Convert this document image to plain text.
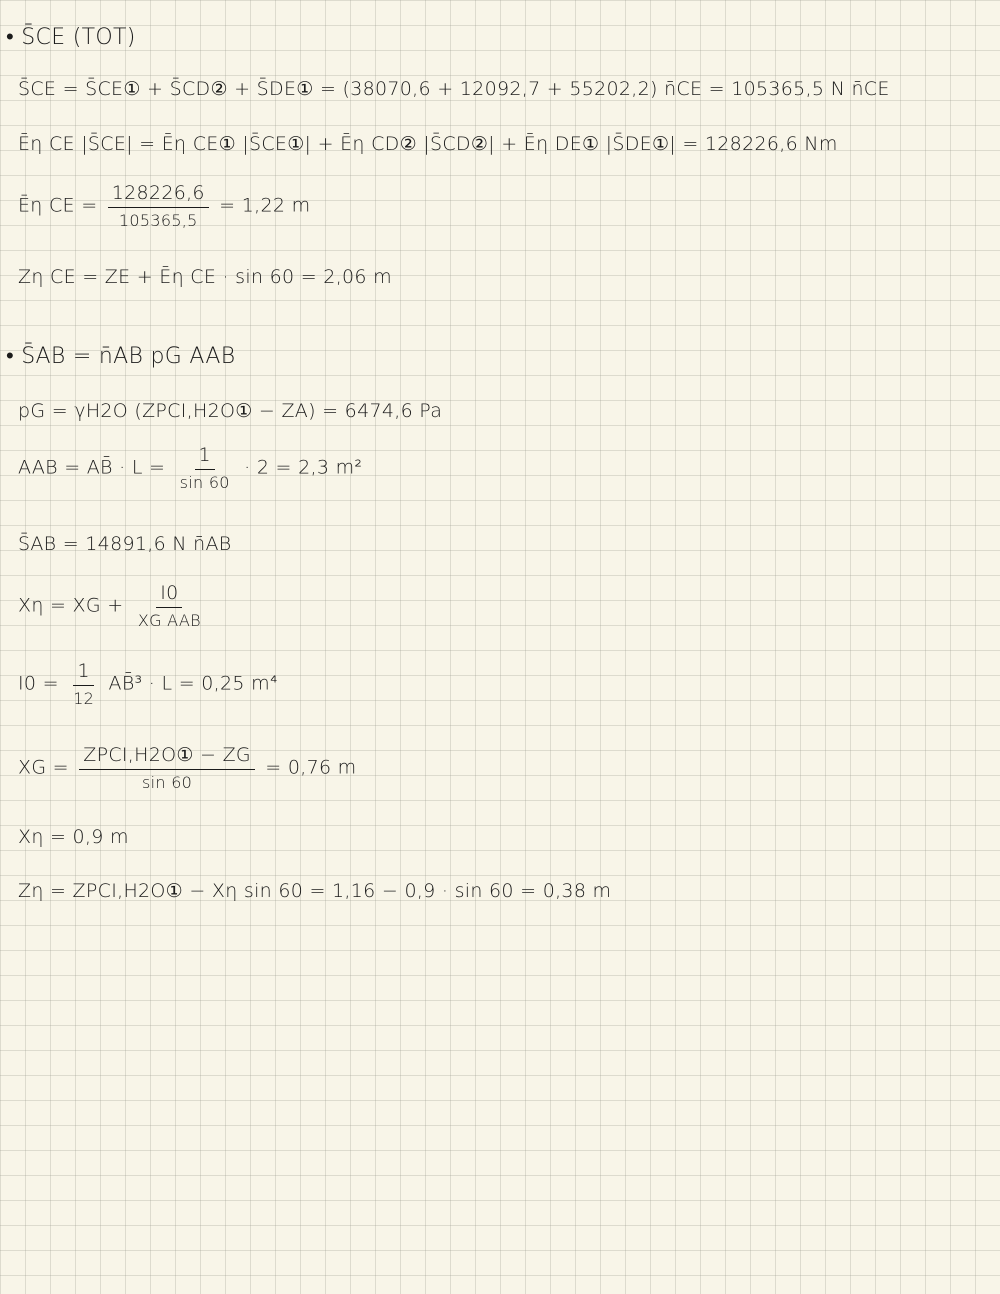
• S̄CE (TOT)
S̄CE = S̄CE① + S̄CD② + S̄DE① = (38070,6 + 12092,7 + 55202,2) n̄CE = 105365,5 N n̄CE
Ēη CE |S̄CE| = Ēη CE① |S̄CE①| + Ēη CD② |S̄CD②| + Ēη DE① |S̄DE①| = 128226,6 Nm
Ēη CE = $\frac{128226,6}{105365,5} = 1,22$ m
Zη CE = ZE + Ēη CE · sin 60 = 2,06 m
• S̄AB = n̄AB pG AAB
pG = γH2O (ZPCI,H2O① − ZA) = 6474,6 Pa
AAB = AB̄ · $L = \frac{1}{\sin 60} \cdot 2 = 2,3$ m²
S̄AB = 14891,6 N n̄AB
Xη = XG + $\frac{I0}{\text{XG AAB}}$
$I0 = \frac{1}{12}$ AB̄³ · L = 0,25 m⁴
XG = $\frac{\text{ZPCI,H2O① − ZG}}{\sin 60} = 0,76$ m
Xη = 0,9 m
Zη = ZPCI,H2O① − Xη sin 60 = 1,16 − 0,9 · sin 60 = 0,38 m
